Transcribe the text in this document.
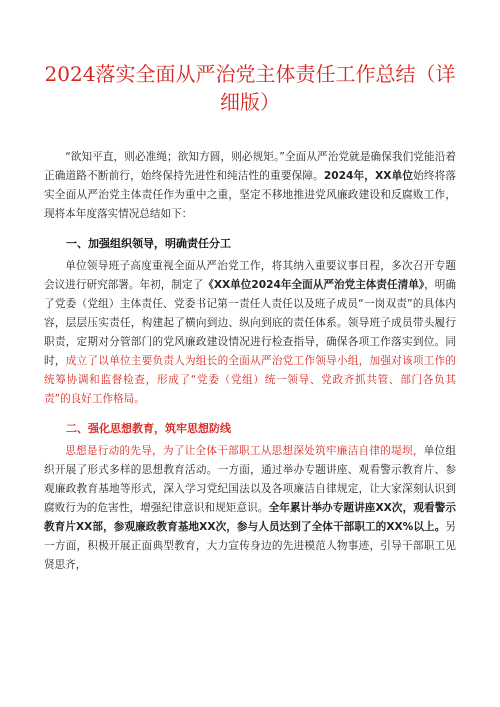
2024落实全面从严治党主体责任工作总结（详细版）

“欲知平直，则必准绳；欲知方圆，则必规矩。”全面从严治党就是确保我们党能沿着正确道路不断前行，始终保持先进性和纯洁性的重要保障。2024年，XX单位始终将落实全面从严治党主体责任作为重中之重，坚定不移地推进党风廉政建设和反腐败工作，现将本年度落实情况总结如下：

一、加强组织领导，明确责任分工

单位领导班子高度重视全面从严治党工作，将其纳入重要议事日程，多次召开专题会议进行研究部署。年初，制定了《XX单位2024年全面从严治党主体责任清单》，明确了党委（党组）主体责任、党委书记第一责任人责任以及班子成员“一岗双责”的具体内容，层层压实责任，构建起了横向到边、纵向到底的责任体系。领导班子成员带头履行职责，定期对分管部门的党风廉政建设情况进行检查指导，确保各项工作落实到位。同时，成立了以单位主要负责人为组长的全面从严治党工作领导小组，加强对该项工作的统筹协调和监督检查，形成了“党委（党组）统一领导、党政齐抓共管、部门各负其责”的良好工作格局。

二、强化思想教育，筑牢思想防线

思想是行动的先导，为了让全体干部职工从思想深处筑牢廉洁自律的堤坝，单位组织开展了形式多样的思想教育活动。一方面，通过举办专题讲座、观看警示教育片、参观廉政教育基地等形式，深入学习党纪国法以及各项廉洁自律规定，让大家深刻认识到腐败行为的危害性，增强纪律意识和规矩意识。全年累计举办专题讲座XX次，观看警示教育片XX部，参观廉政教育基地XX次，参与人员达到了全体干部职工的XX%以上。另一方面，积极开展正面典型教育，大力宣传身边的先进模范人物事迹，引导干部职工见贤思齐，
